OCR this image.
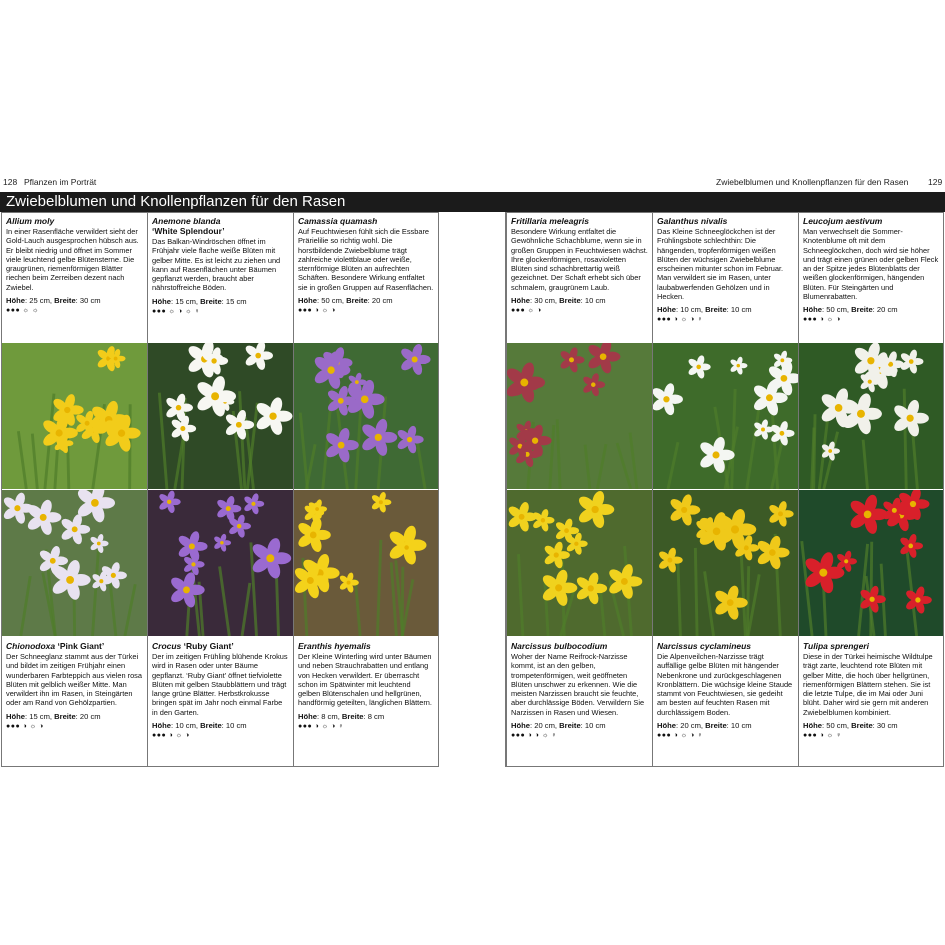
128 Pflanzen im Porträt	Zwiebelblumen und Knollenpflanzen für den Rasen 129
Zwiebelblumen und Knollenpflanzen für den Rasen
Allium moly
In einer Rasenfläche verwildert sieht der Gold-Lauch ausgesprochen hübsch aus. Er bleibt niedrig und öffnet im Sommer viele leuchtend gelbe Blütensterne. Die graugrünen, riemenförmigen Blätter riechen beim Zerreiben dezent nach Zwiebel.
Höhe: 25 cm, Breite: 30 cm
●●● ☼ ☼
Anemone blanda
‘White Splendour’
Das Balkan-Windröschen öffnet im Frühjahr viele flache weiße Blüten mit gelber Mitte. Es ist leicht zu ziehen und kann auf Rasenflächen unter Bäumen gepflanzt werden, braucht aber nährstoffreiche Böden.
Höhe: 15 cm, Breite: 15 cm
●●● ☼ ◑ ☼ ♀
Camassia quamash
Auf Feuchtwiesen fühlt sich die Essbare Prärielilie so richtig wohl. Die horstbildende Zwiebelblume trägt zahlreiche violettblaue oder weiße, sternförmige Blüten an aufrechten Schäften. Besondere Wirkung entfaltet sie in großen Gruppen auf Rasenflächen.
Höhe: 50 cm, Breite: 20 cm
●●● ◑ ☼ ◑
Fritillaria meleagris
Besondere Wirkung entfaltet die Gewöhnliche Schachblume, wenn sie in großen Gruppen in Feuchtwiesen wächst. Ihre glockenförmigen, rosavioletten Blüten sind schachbrettartig weiß gezeichnet. Der Schaft erhebt sich über schmalem, graugrünem Laub.
Höhe: 30 cm, Breite: 10 cm
●●● ☼ ◑
Galanthus nivalis
Das Kleine Schneeglöckchen ist der Frühlingsbote schlechthin: Die hängenden, tropfenförmigen weißen Blüten der wüchsigen Zwiebelblume erscheinen mitunter schon im Februar. Man verwildert sie im Rasen, unter laubabwerfenden Gehölzen und in Hecken.
Höhe: 10 cm, Breite: 10 cm
●●● ◑ ☼ ◑ ♀
Leucojum aestivum
Man verwechselt die Sommer-Knotenblume oft mit dem Schneeglöckchen, doch wird sie höher und trägt einen grünen oder gelben Fleck an der Spitze jedes Blütenblatts der weißen glockenförmigen, hängenden Blüten. Für Steingärten und Blumenrabatten.
Höhe: 50 cm, Breite: 20 cm
●●● ◑ ☼ ◑
Chionodoxa ‘Pink Giant’
Der Schneeglanz stammt aus der Türkei und bildet im zeitigen Frühjahr einen wunderbaren Farbteppich aus vielen rosa Blüten mit gelblich weißer Mitte. Man verwildert ihn im Rasen, in Steingärten oder am Rand von Gehölzpartien.
Höhe: 15 cm, Breite: 20 cm
●●● ◑ ☼ ◑
Crocus ‘Ruby Giant’
Der im zeitigen Frühling blühende Krokus wird in Rasen oder unter Bäume gepflanzt. ‘Ruby Giant’ öffnet tiefviolette Blüten mit gelben Staubblättern und trägt lange grüne Blätter. Herbstkrokusse bringen spät im Jahr noch einmal Farbe in den Garten.
Höhe: 10 cm, Breite: 10 cm
●●● ◑ ☼ ◑
Eranthis hyemalis
Der Kleine Winterling wird unter Bäumen und neben Strauchrabatten und entlang von Hecken verwildert. Er überrascht schon im Spätwinter mit leuchtend gelben Blütenschalen und hellgrünen, handförmig geteilten, länglichen Blättern.
Höhe: 8 cm, Breite: 8 cm
●●● ◑ ☼ ◑ ♀
Narcissus bulbocodium
Woher der Name Reifrock-Narzisse kommt, ist an den gelben, trompetenförmigen, weit geöffneten Blüten unschwer zu erkennen. Wie die meisten Narzissen braucht sie feuchte, aber durchlässige Böden. Verwildern Sie Narzissen in Rasen und Wiesen.
Höhe: 20 cm, Breite: 10 cm
●●● ◑ ◑ ☼ ♀
Narcissus cyclamineus
Die Alpenveilchen-Narzisse trägt auffällige gelbe Blüten mit hängender Nebenkrone und zurückgeschlagenen Kronblättern. Die wüchsige kleine Staude stammt von Feuchtwiesen, sie gedeiht am besten auf feuchten Rasen mit durchlässigem Boden.
Höhe: 20 cm, Breite: 10 cm
●●● ◑ ☼ ◑ ♀
Tulipa sprengeri
Diese in der Türkei heimische Wildtulpe trägt zarte, leuchtend rote Blüten mit gelber Mitte, die hoch über hellgrünen, riemenförmigen Blättern stehen. Sie ist die letzte Tulpe, die im Mai oder Juni blüht. Daher wird sie gern mit anderen Zwiebelblumen kombiniert.
Höhe: 50 cm, Breite: 30 cm
●●● ◑ ☼ ♀
